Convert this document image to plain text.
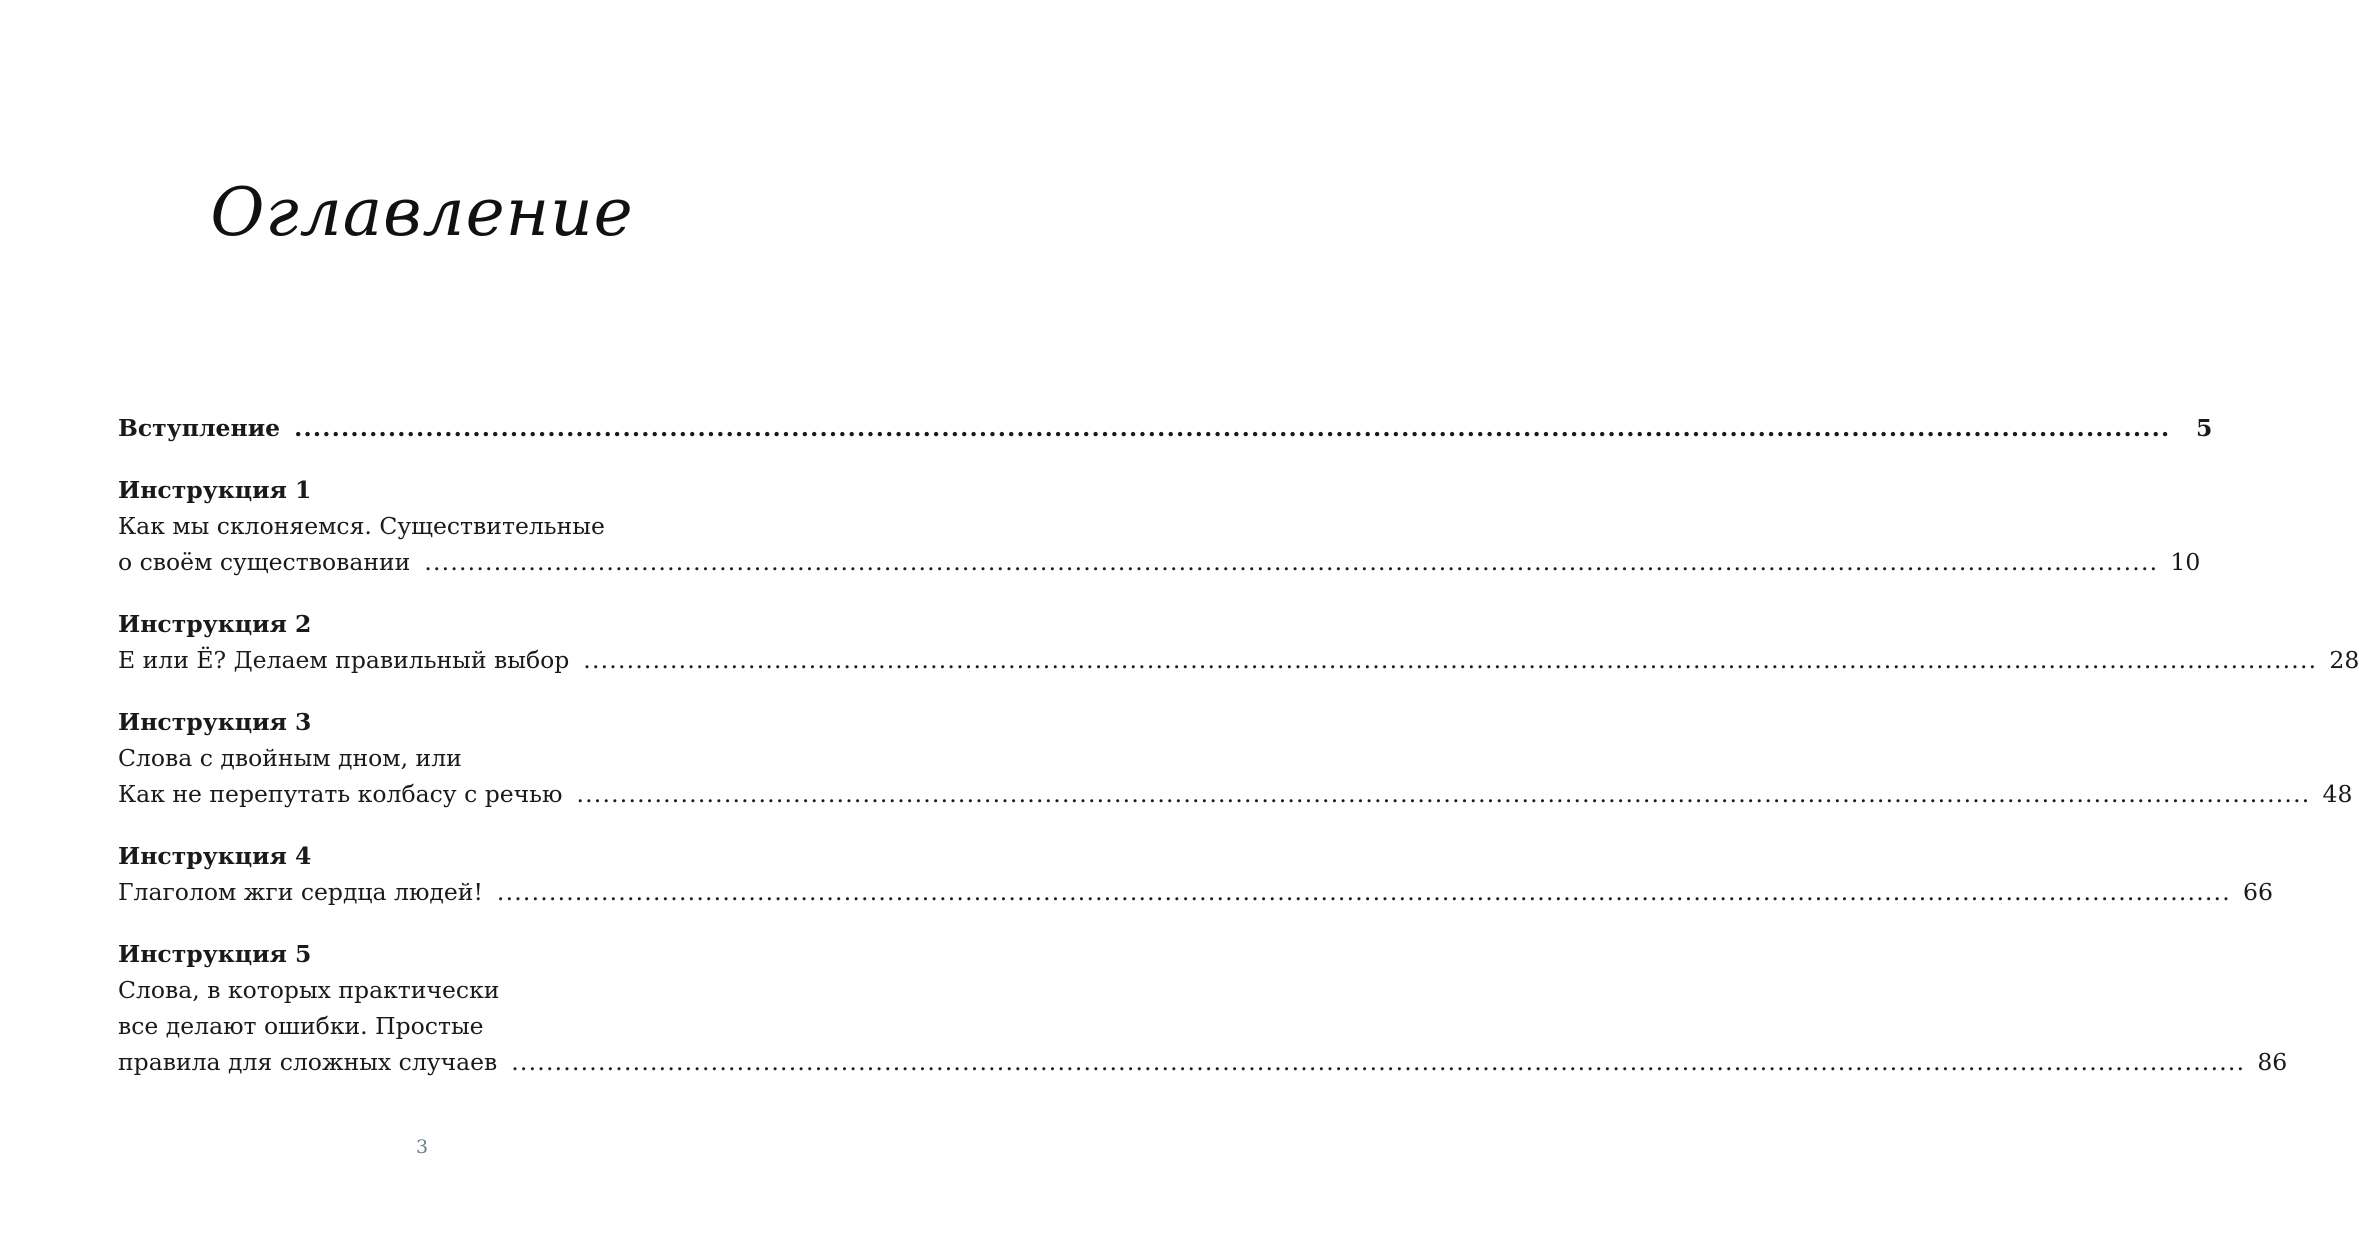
Оглавление
Вступление ........................................................................................................................................................................................................	5
Инструкция 1
Как мы склоняемся. Существительные
о своём существовании ........................................................................................................................................................................................................ 10
Инструкция 2
Е или Ё? Делаем правильный выбор ........................................................................................................................................................................................................ 28
Инструкция 3
Слова с двойным дном, или
Как не перепутать колбасу с речью ........................................................................................................................................................................................................ 48
Инструкция 4
Глаголом жги сердца людей! ........................................................................................................................................................................................................ 66
Инструкция 5
Слова, в которых практически
все делают ошибки. Простые
правила для сложных случаев ........................................................................................................................................................................................................ 86
3
